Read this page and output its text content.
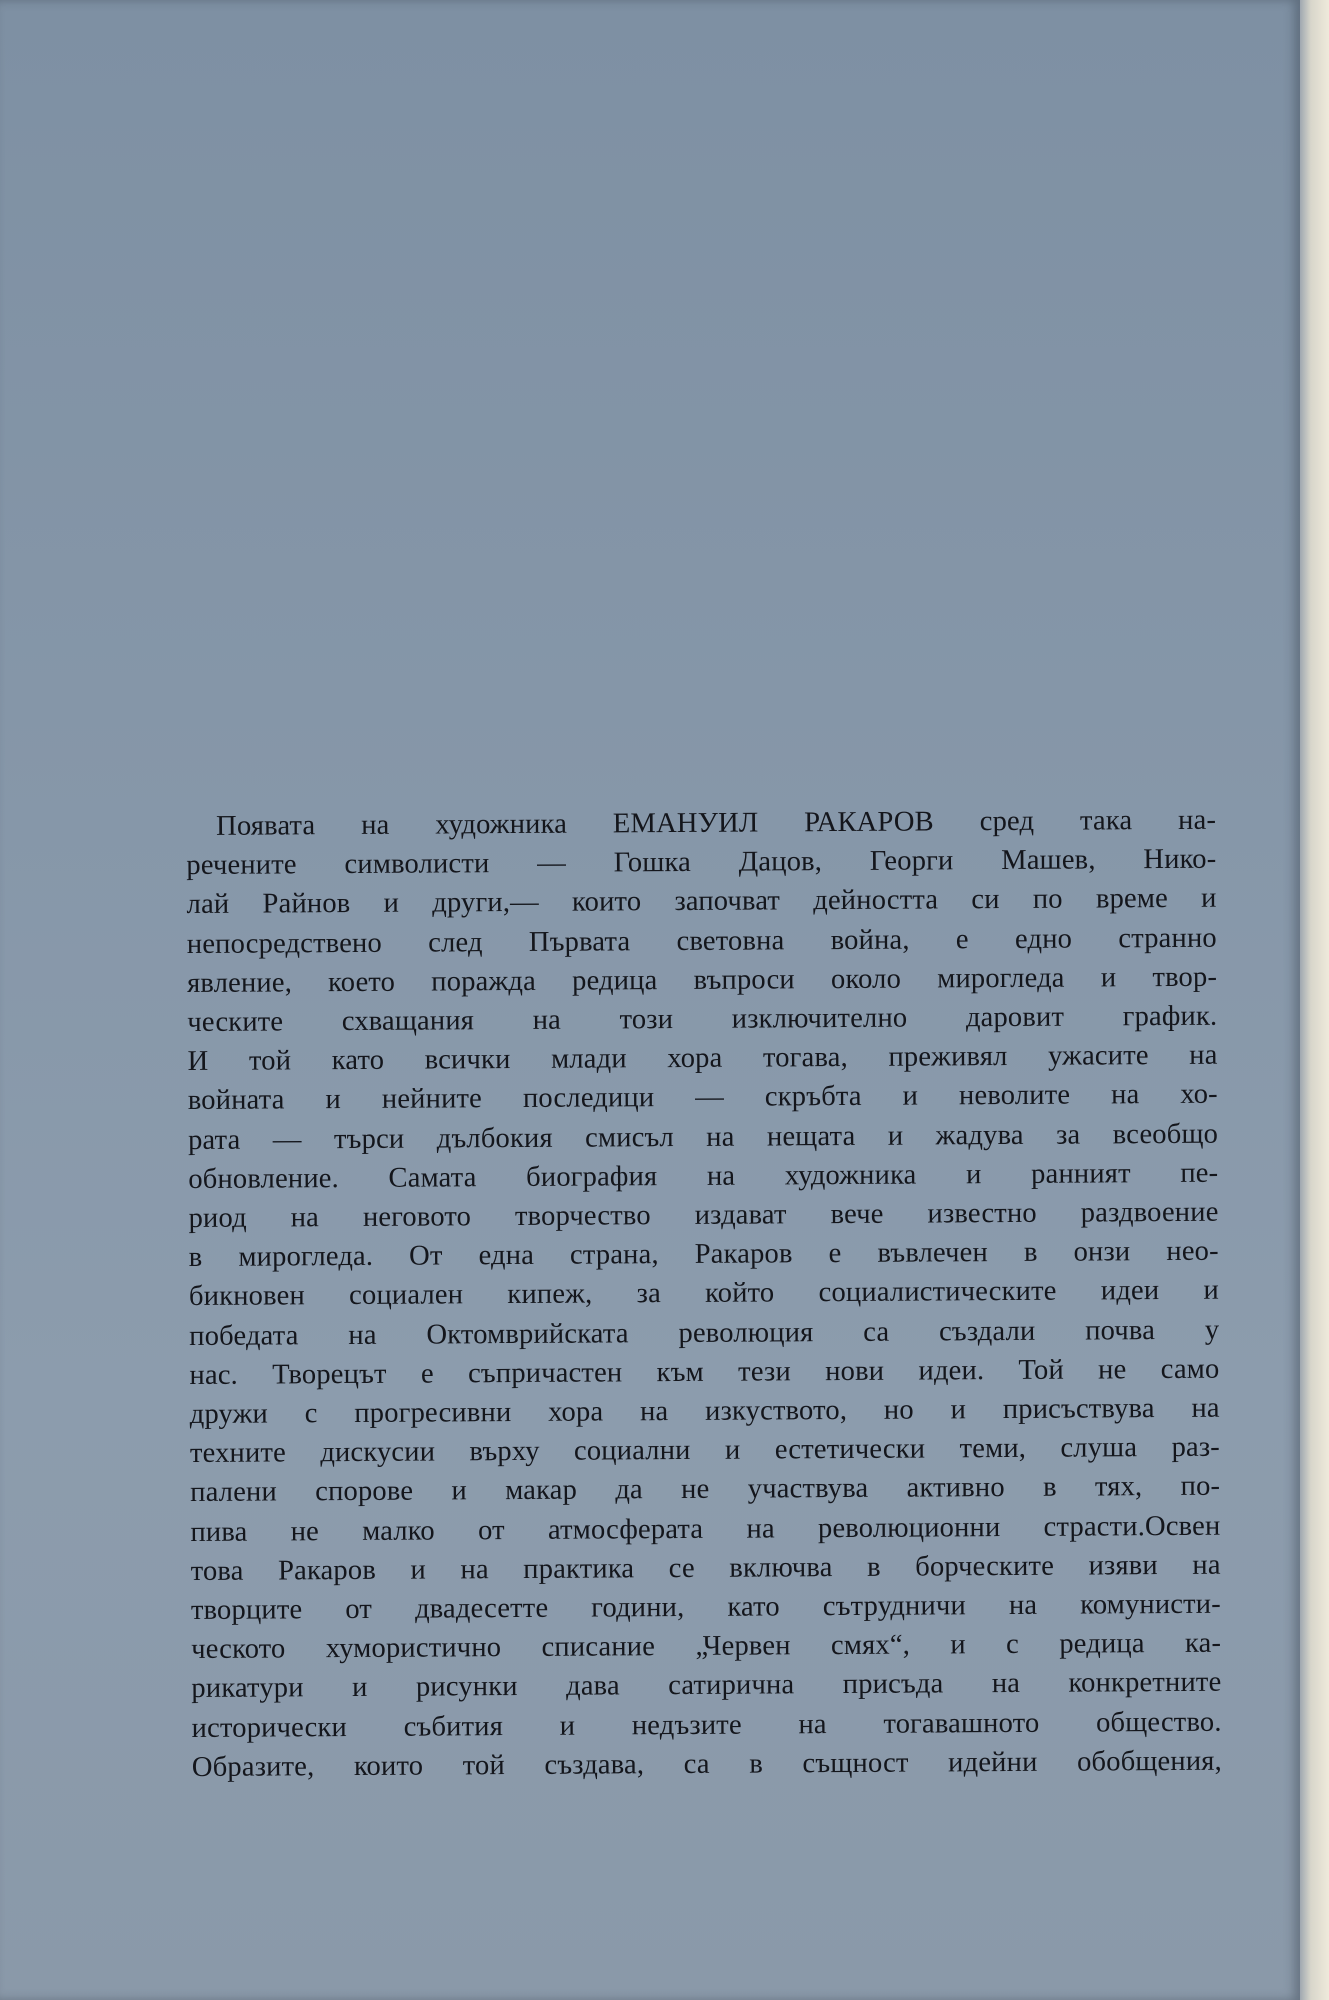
Появата на художника ЕМАНУИЛ РАКАРОВ сред така на-
речените символисти — Гошка Дацов, Георги Машев, Нико-
лай Райнов и други,— които започват дейността си по време и
непосредствено след Първата световна война, е едно странно
явление, което поражда редица въпроси около мирогледа и твор-
ческите схващания на този изключително даровит график.
И той като всички млади хора тогава, преживял ужасите на
войната и нейните последици — скръбта и неволите на хо-
рата — търси дълбокия смисъл на нещата и жадува за всеобщо
обновление. Самата биография на художника и ранният пе-
риод на неговото творчество издават вече известно раздвоение
в мирогледа. От една страна, Ракаров е въвлечен в онзи нео-
бикновен социален кипеж, за който социалистическите идеи и
победата на Октомврийската революция са създали почва у
нас. Творецът е съпричастен към тези нови идеи. Той не само
дружи с прогресивни хора на изкуството, но и присъствува на
техните дискусии върху социални и естетически теми, слуша раз-
палени спорове и макар да не участвува активно в тях, по-
пива не малко от атмосферата на революционни страсти.Освен
това Ракаров и на практика се включва в борческите изяви на
творците от двадесетте години, като сътрудничи на комунисти-
ческото хумористично списание „Червен смях“, и с редица ка-
рикатури и рисунки дава сатирична присъда на конкретните
исторически събития и недъзите на тогавашното общество.
Образите, които той създава, са в същност идейни обобщения,
